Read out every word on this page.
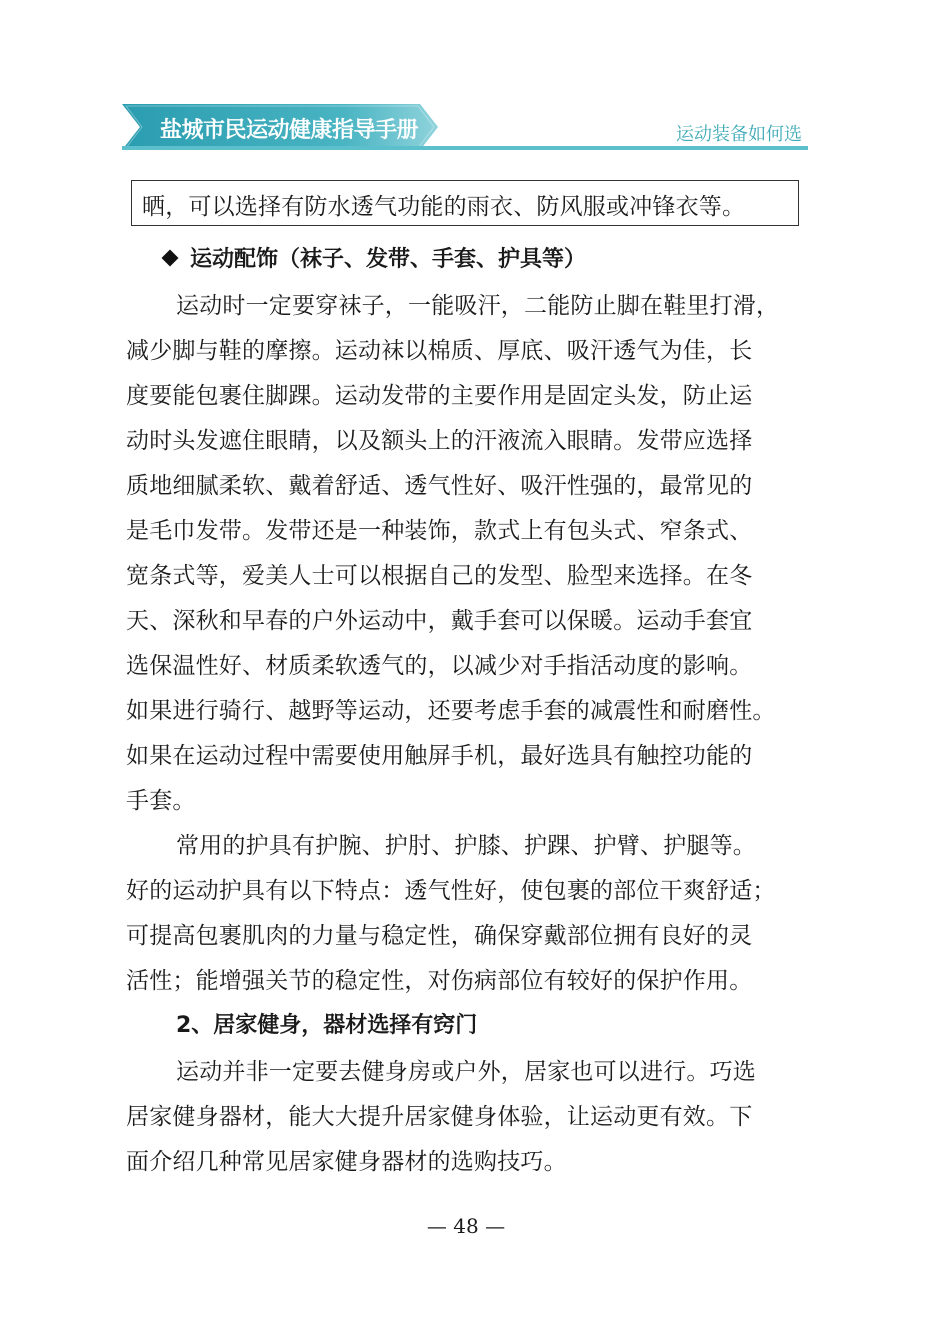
盐城市民运动健康指导手册	运动装备如何选
晒，可以选择有防水透气功能的雨衣、防风服或冲锋衣等。
运动配饰（袜子、发带、手套、护具等）
运动时一定要穿袜子，一能吸汗，二能防止脚在鞋里打滑，
减少脚与鞋的摩擦。运动袜以棉质、厚底、吸汗透气为佳，长
度要能包裹住脚踝。运动发带的主要作用是固定头发，防止运
动时头发遮住眼睛，以及额头上的汗液流入眼睛。发带应选择
质地细腻柔软、戴着舒适、透气性好、吸汗性强的，最常见的
是毛巾发带。发带还是一种装饰，款式上有包头式、窄条式、
宽条式等，爱美人士可以根据自己的发型、脸型来选择。在冬
天、深秋和早春的户外运动中，戴手套可以保暖。运动手套宜
选保温性好、材质柔软透气的，以减少对手指活动度的影响。
如果进行骑行、越野等运动，还要考虑手套的减震性和耐磨性。
如果在运动过程中需要使用触屏手机，最好选具有触控功能的
手套。
常用的护具有护腕、护肘、护膝、护踝、护臂、护腿等。
好的运动护具有以下特点：透气性好，使包裹的部位干爽舒适；
可提高包裹肌肉的力量与稳定性，确保穿戴部位拥有良好的灵
活性；能增强关节的稳定性，对伤病部位有较好的保护作用。
2、居家健身，器材选择有窍门
运动并非一定要去健身房或户外，居家也可以进行。巧选
居家健身器材，能大大提升居家健身体验，让运动更有效。下
面介绍几种常见居家健身器材的选购技巧。
— 48 —
